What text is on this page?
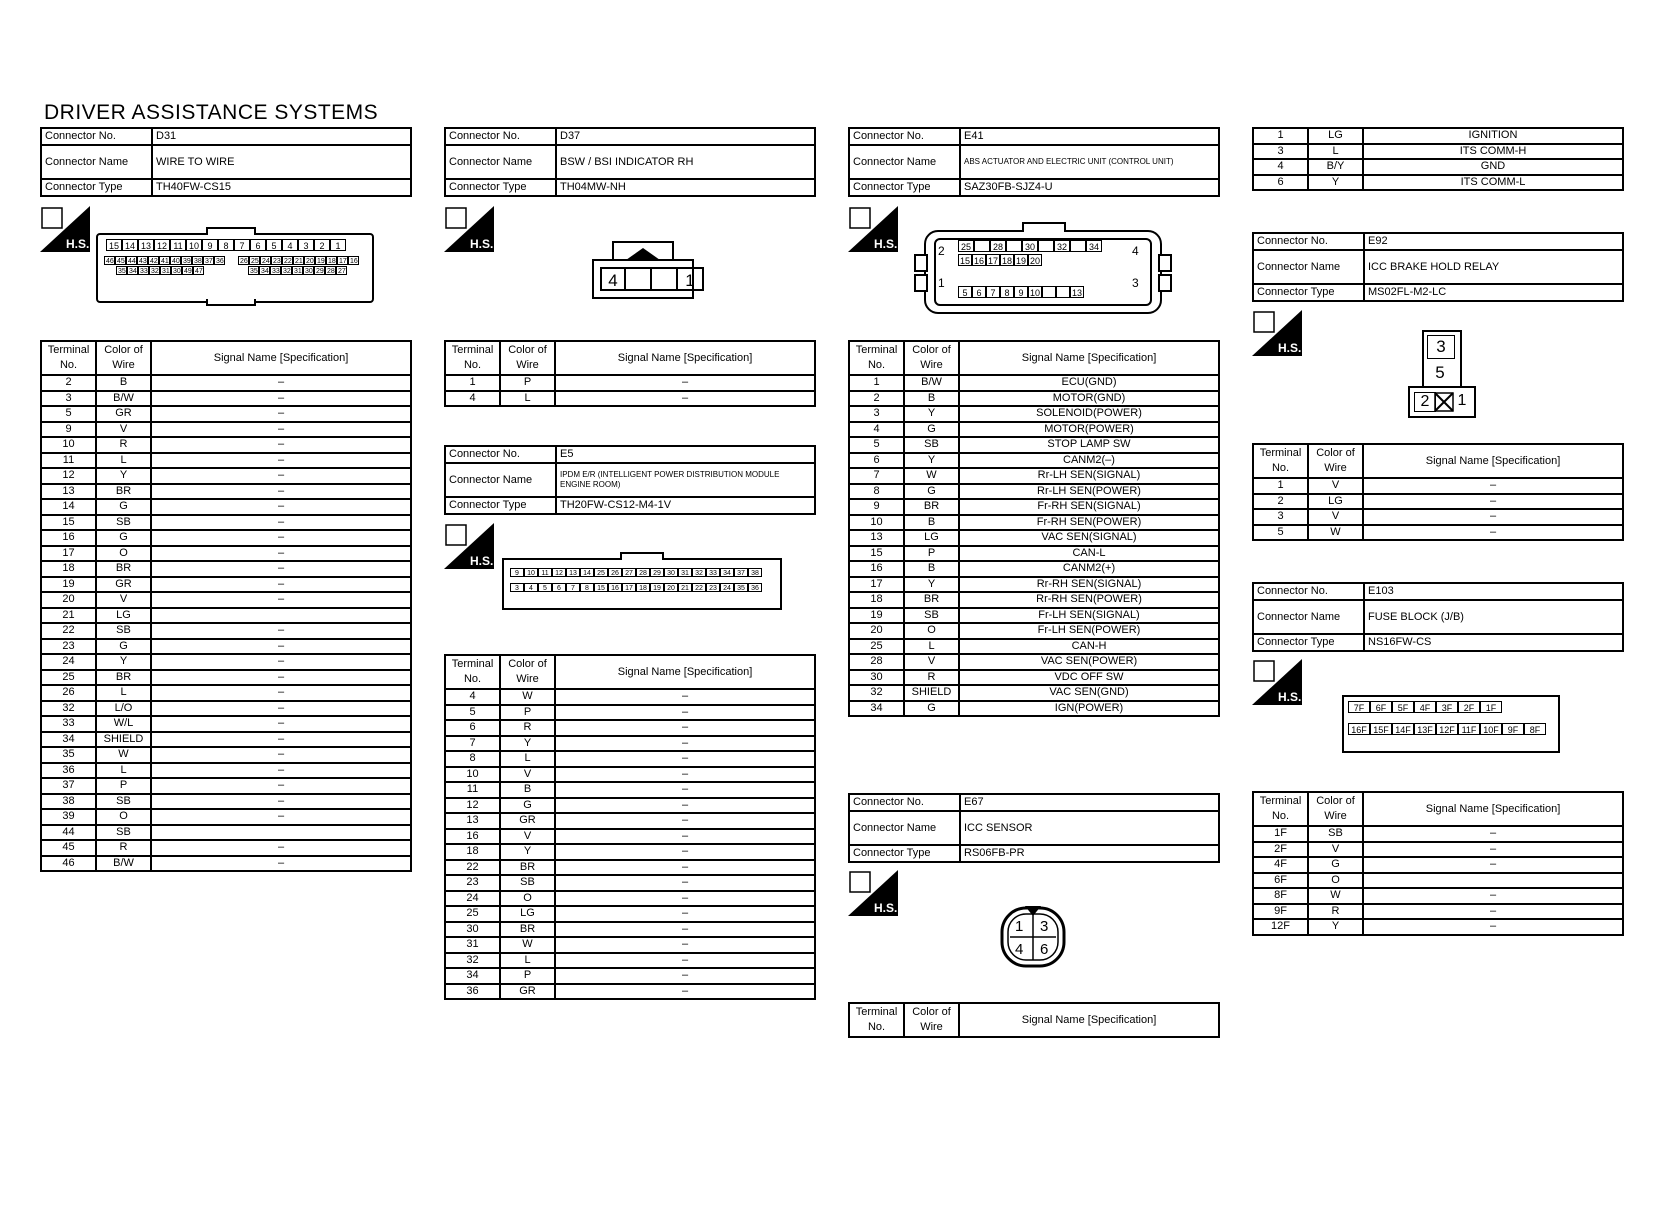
DRIVER ASSISTANCE SYSTEMS
Connector No.	D31
Connector Name	WIRE TO WIRE
Connector Type	TH40FW-CS15
H.S.	15 14 13 12 11 10 9	8	7	6	5	4	3	2	1
46 45 44 43 42 41 40 39 38 37 36 26 25 24 23 22 21 20 19 18 17 16
35 34 33 32 31 30 49 47	35 34 33 32 31 30 29 28 27
Terminal No.	Color of Wire	Signal Name [Specification]
2	B	–
3	B/W	–
5	GR	–
9	V	–
10	R	–
11	L	–
12	Y	–
13	BR	–
14	G	–
15	SB	–
16	G	–
17	O	–
18	BR	–
19	GR	–
20	V	–
21	LG	
22	SB	–
23	G	–
24	Y	–
25	BR	–
26	L	–
32	L/O	–
33	W/L	–
34	SHIELD	–
35	W	–
36	L	–
37	P	–
38	SB	–
39	O	–
44	SB	
45	R	–
46	B/W	–
Connector No.	D37
Connector Name	BSW / BSI INDICATOR RH
Connector Type	TH04MW-NH
H.S.
4	1
Terminal No.	Color of Wire	Signal Name [Specification]
1	P	–
4	L	–
Connector No.	E5
Connector Name	IPDM E/R (INTELLIGENT POWER DISTRIBUTION MODULE ENGINE ROOM)
Connector Type	TH20FW-CS12-M4-1V
H.S.
9	10 11 12 13 14 25 26 27 28 29 30 31 32 33 34 37 38
3	4	5	6	7	8	15 16 17 18 19 20 21 22 23 24 35 36
Terminal No.	Color of Wire	Signal Name [Specification]
4	W	–
5	P	–
6	R	–
7	Y	–
8	L	–
10	V	–
11	B	–
12	G	–
13	GR	–
16	V	–
18	Y	–
22	BR	–
23	SB	–
24	O	–
25	LG	–
30	BR	–
31	W	–
32	L	–
34	P	–
36	GR	–
Connector No.	E41
Connector Name	ABS ACTUATOR AND ELECTRIC UNIT (CONTROL UNIT)
Connector Type	SAZ30FB-SJZ4-U
H.S.	2
1
4
3
25	28	30	32	34
15 16 17 18 19 20
5 6 7 8 9 10	13
Terminal No.	Color of Wire	Signal Name [Specification]
1	B/W	ECU(GND)
2	B	MOTOR(GND)
3	Y	SOLENOID(POWER)
4	G	MOTOR(POWER)
5	SB	STOP LAMP SW
6	Y	CANM2(–)
7	W	Rr-LH SEN(SIGNAL)
8	G	Rr-LH SEN(POWER)
9	BR	Fr-RH SEN(SIGNAL)
10	B	Fr-RH SEN(POWER)
13	LG	VAC SEN(SIGNAL)
15	P	CAN-L
16	B	CANM2(+)
17	Y	Rr-RH SEN(SIGNAL)
18	BR	Rr-RH SEN(POWER)
19	SB	Fr-LH SEN(SIGNAL)
20	O	Fr-LH SEN(POWER)
25	L	CAN-H
28	V	VAC SEN(POWER)
30	R	VDC OFF SW
32	SHIELD	VAC SEN(GND)
34	G	IGN(POWER)
Connector No.	E67
Connector Name	ICC SENSOR
Connector Type	RS06FB-PR
H.S.
1 3
4 6
Terminal No.	Color of Wire	Signal Name [Specification]
1	LG	IGNITION
3	L	ITS COMM-H
4	B/Y	GND
6	Y	ITS COMM-L
Connector No.	E92
Connector Name	ICC BRAKE HOLD RELAY
Connector Type	MS02FL-M2-LC
H.S.	3
5
2	1
Terminal No.	Color of Wire	Signal Name [Specification]
1	V	–
2	LG	–
3	V	–
5	W	–
Connector No.	E103
Connector Name	FUSE BLOCK (J/B)
Connector Type	NS16FW-CS
H.S.
7F	6F	5F	4F	3F	2F	1F
16F 15F 14F 13F 12F 11F 10F 9F	8F
Terminal No.	Color of Wire	Signal Name [Specification]
1F	SB	–
2F	V	–
4F	G	–
6F	O	
8F	W	–
9F	R	–
12F	Y	–
